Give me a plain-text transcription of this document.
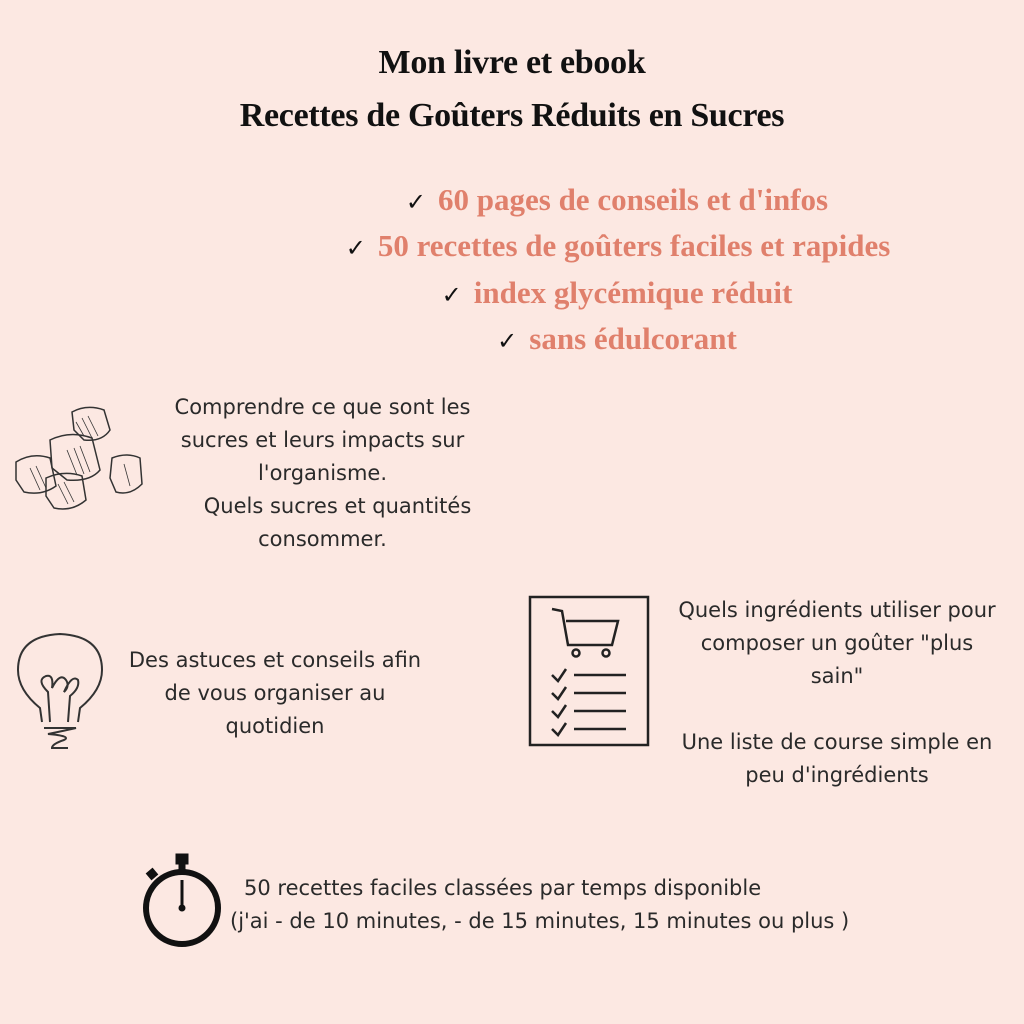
Mon livre et ebook
Recettes de Goûters Réduits en Sucres
✓ 60 pages de conseils et d'infos
✓ 50 recettes de goûters faciles et rapides
✓ index glycémique réduit
✓ sans édulcorant

Comprendre ce que sont les

sucres et leurs impacts sur

l'organisme.

Quels sucres et quantités

consommer.

Des astuces et conseils afin

de vous organiser au

quotidien

Quels ingrédients utiliser pour

composer un goûter "plus

sain"

Une liste de course simple en

peu d'ingrédients

50 recettes faciles classées par temps disponible

(j'ai - de 10 minutes, - de 15 minutes, 15 minutes ou plus )
